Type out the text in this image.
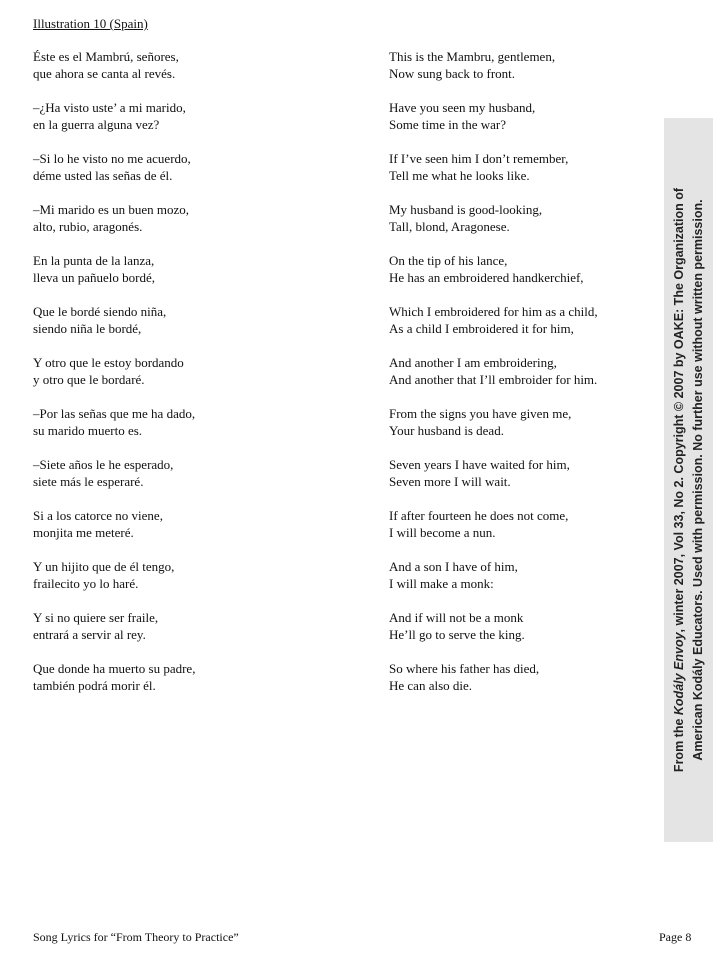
Illustration 10 (Spain)
Éste es el Mambrú, señores,
que ahora se canta al revés.
–¿Ha visto uste’ a mi marido,
en la guerra alguna vez?
–Si lo he visto no me acuerdo,
déme usted las señas de él.
–Mi marido es un buen mozo,
alto, rubio, aragonés.
En la punta de la lanza,
lleva un pañuelo bordé,
Que le bordé siendo niña,
siendo niña le bordé,
Y otro que le estoy bordando
y otro que le bordaré.
–Por las señas que me ha dado,
su marido muerto es.
–Siete años le he esperado,
siete más le esperaré.
Si a los catorce no viene,
monjita me meteré.
Y un hijito que de él tengo,
frailecito yo lo haré.
Y si no quiere ser fraile,
entrará a servir al rey.
Que donde ha muerto su padre,
también podrá morir él.
This is the Mambru, gentlemen,
Now sung back to front.
Have you seen my husband,
Some time in the war?
If I’ve seen him I don’t remember,
Tell me what he looks like.
My husband is good-looking,
Tall, blond, Aragonese.
On the tip of his lance,
He has an embroidered handkerchief,
Which I embroidered for him as a child,
As a child I embroidered it for him,
And another I am embroidering,
And another that I’ll embroider for him.
From the signs you have given me,
Your husband is dead.
Seven years I have waited for him,
Seven more I will wait.
If after fourteen he does not come,
I will become a nun.
And a son I have of him,
I will make a monk:
And if will not be a monk
He’ll go to serve the king.
So where his father has died,
He can also die.
From the Kodály Envoy, winter 2007, Vol 33, No 2. Copyright © 2007 by OAKE: The Organization of American Kodály Educators. Used with permission. No further use without written permission.
Song Lyrics for “From Theory to Practice”	Page 8
